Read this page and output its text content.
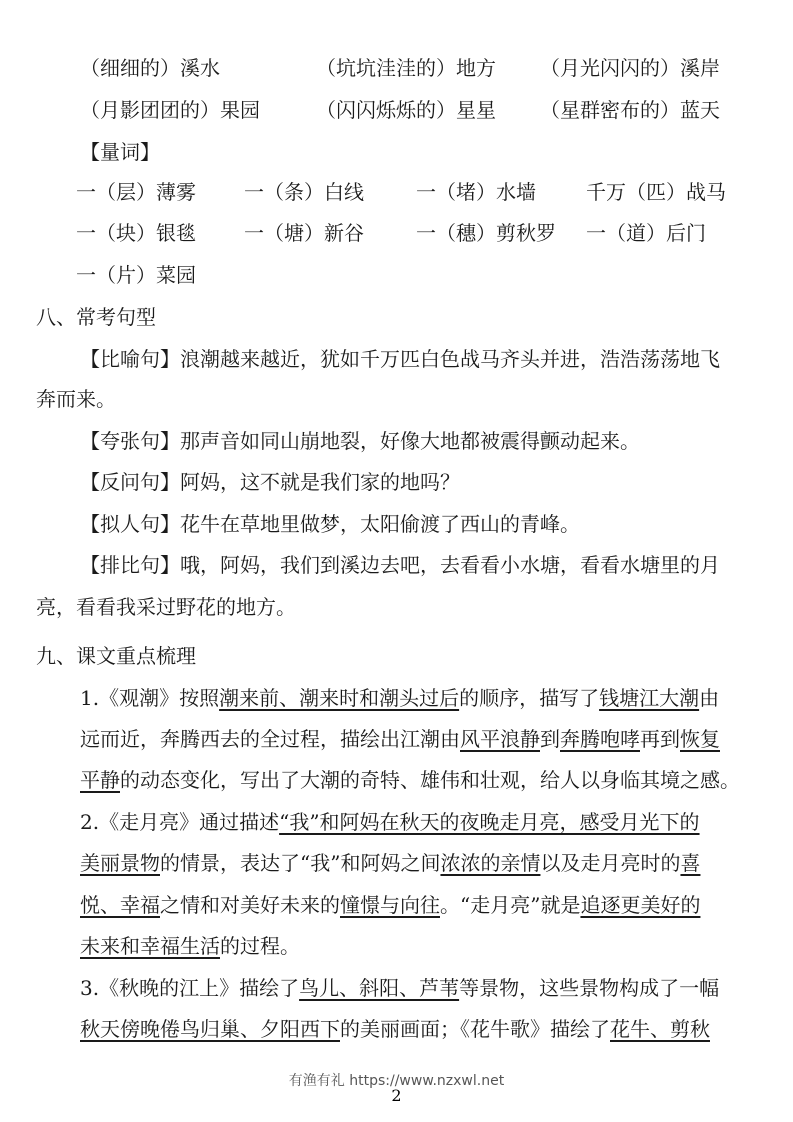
（细细的）溪水	（坑坑洼洼的）地方 （月光闪闪的）溪岸
（月影团团的）果园	（闪闪烁烁的）星星 （星群密布的）蓝天
【量词】
一（层）薄雾 一（条）白线	一（堵）水墙	千万（匹）战马
一（块）银毯 一（塘）新谷	一（穗）剪秋罗 一（道）后门
一（片）菜园
八、常考句型
【比喻句】浪潮越来越近，犹如千万匹白色战马齐头并进，浩浩荡荡地飞
奔而来。
【夸张句】那声音如同山崩地裂，好像大地都被震得颤动起来。
【反问句】阿妈，这不就是我们家的地吗？
【拟人句】花牛在草地里做梦，太阳偷渡了西山的青峰。
【排比句】哦，阿妈，我们到溪边去吧，去看看小水塘，看看水塘里的月
亮，看看我采过野花的地方。
九、课文重点梳理
1.《观潮》按照潮来前、潮来时和潮头过后的顺序，描写了钱塘江大潮由
远而近，奔腾西去的全过程，描绘出江潮由风平浪静到奔腾咆哮再到恢复
平静的动态变化，写出了大潮的奇特、雄伟和壮观，给人以身临其境之感。
2.《走月亮》通过描述“我”和阿妈在秋天的夜晚走月亮，感受月光下的
美丽景物的情景，表达了“我”和阿妈之间浓浓的亲情以及走月亮时的喜
悦、幸福之情和对美好未来的憧憬与向往。“走月亮”就是追逐更美好的
未来和幸福生活的过程。
3.《秋晚的江上》描绘了鸟儿、斜阳、芦苇等景物，这些景物构成了一幅
秋天傍晚倦鸟归巢、夕阳西下的美丽画面；《花牛歌》描绘了花牛、剪秋
有渔有礼 https://www.nzxwl.net
2
